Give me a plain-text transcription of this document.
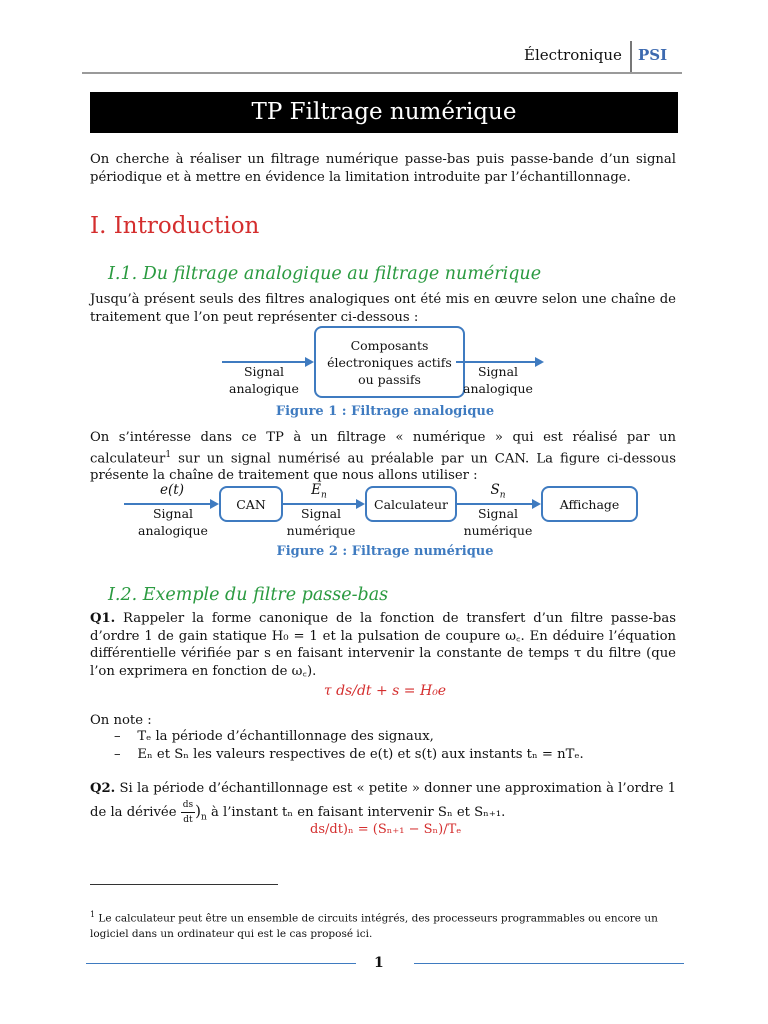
Électronique PSI
TP Filtrage numérique
On cherche à réaliser un filtrage numérique passe-bas puis passe-bande d’un signal périodique et à mettre en évidence la limitation introduite par l’échantillonnage.
I. Introduction
I.1. Du filtrage analogique au filtrage numérique
Jusqu’à présent seuls des filtres analogiques ont été mis en œuvre selon une chaîne de traitement que l’on peut représenter ci-dessous :
Signal analogique
Composants électroniques actifs ou passifs	Signal analogique
Figure 1 : Filtrage analogique
On s’intéresse dans ce TP à un filtrage « numérique » qui est réalisé par un calculateur$^1$ sur un signal numérisé au préalable par un CAN. La figure ci-dessous présente la chaîne de traitement que nous allons utiliser :
e(t)
Signal analogique
CAN
$E_n$
Signal numérique
Calculateur
$S_n$
Signal numérique
Affichage
Figure 2 : Filtrage numérique
I.2. Exemple du filtre passe-bas
Q1. Rappeler la forme canonique de la fonction de transfert d’un filtre passe-bas d’ordre 1 de gain statique H₀ = 1 et la pulsation de coupure ω꜀. En déduire l’équation différentielle vérifiée par s en faisant intervenir la constante de temps τ du filtre (que l’on exprimera en fonction de ω꜀).
τ ds/dt + s = H₀e
On note :
–    Tₑ la période d’échantillonnage des signaux,
–    Eₙ et Sₙ les valeurs respectives de e(t) et s(t) aux instants tₙ = nTₑ.
Q2. Si la période d’échantillonnage est « petite » donner une approximation à l’ordre 1 de la dérivée $\frac{ds}{dt} )_n$ à l’instant tₙ en faisant intervenir Sₙ et Sₙ₊₁.
ds/dt)ₙ = (Sₙ₊₁ − Sₙ)/Tₑ
$^1$ Le calculateur peut être un ensemble de circuits intégrés, des processeurs programmables ou encore un logiciel dans un ordinateur qui est le cas proposé ici.
1
